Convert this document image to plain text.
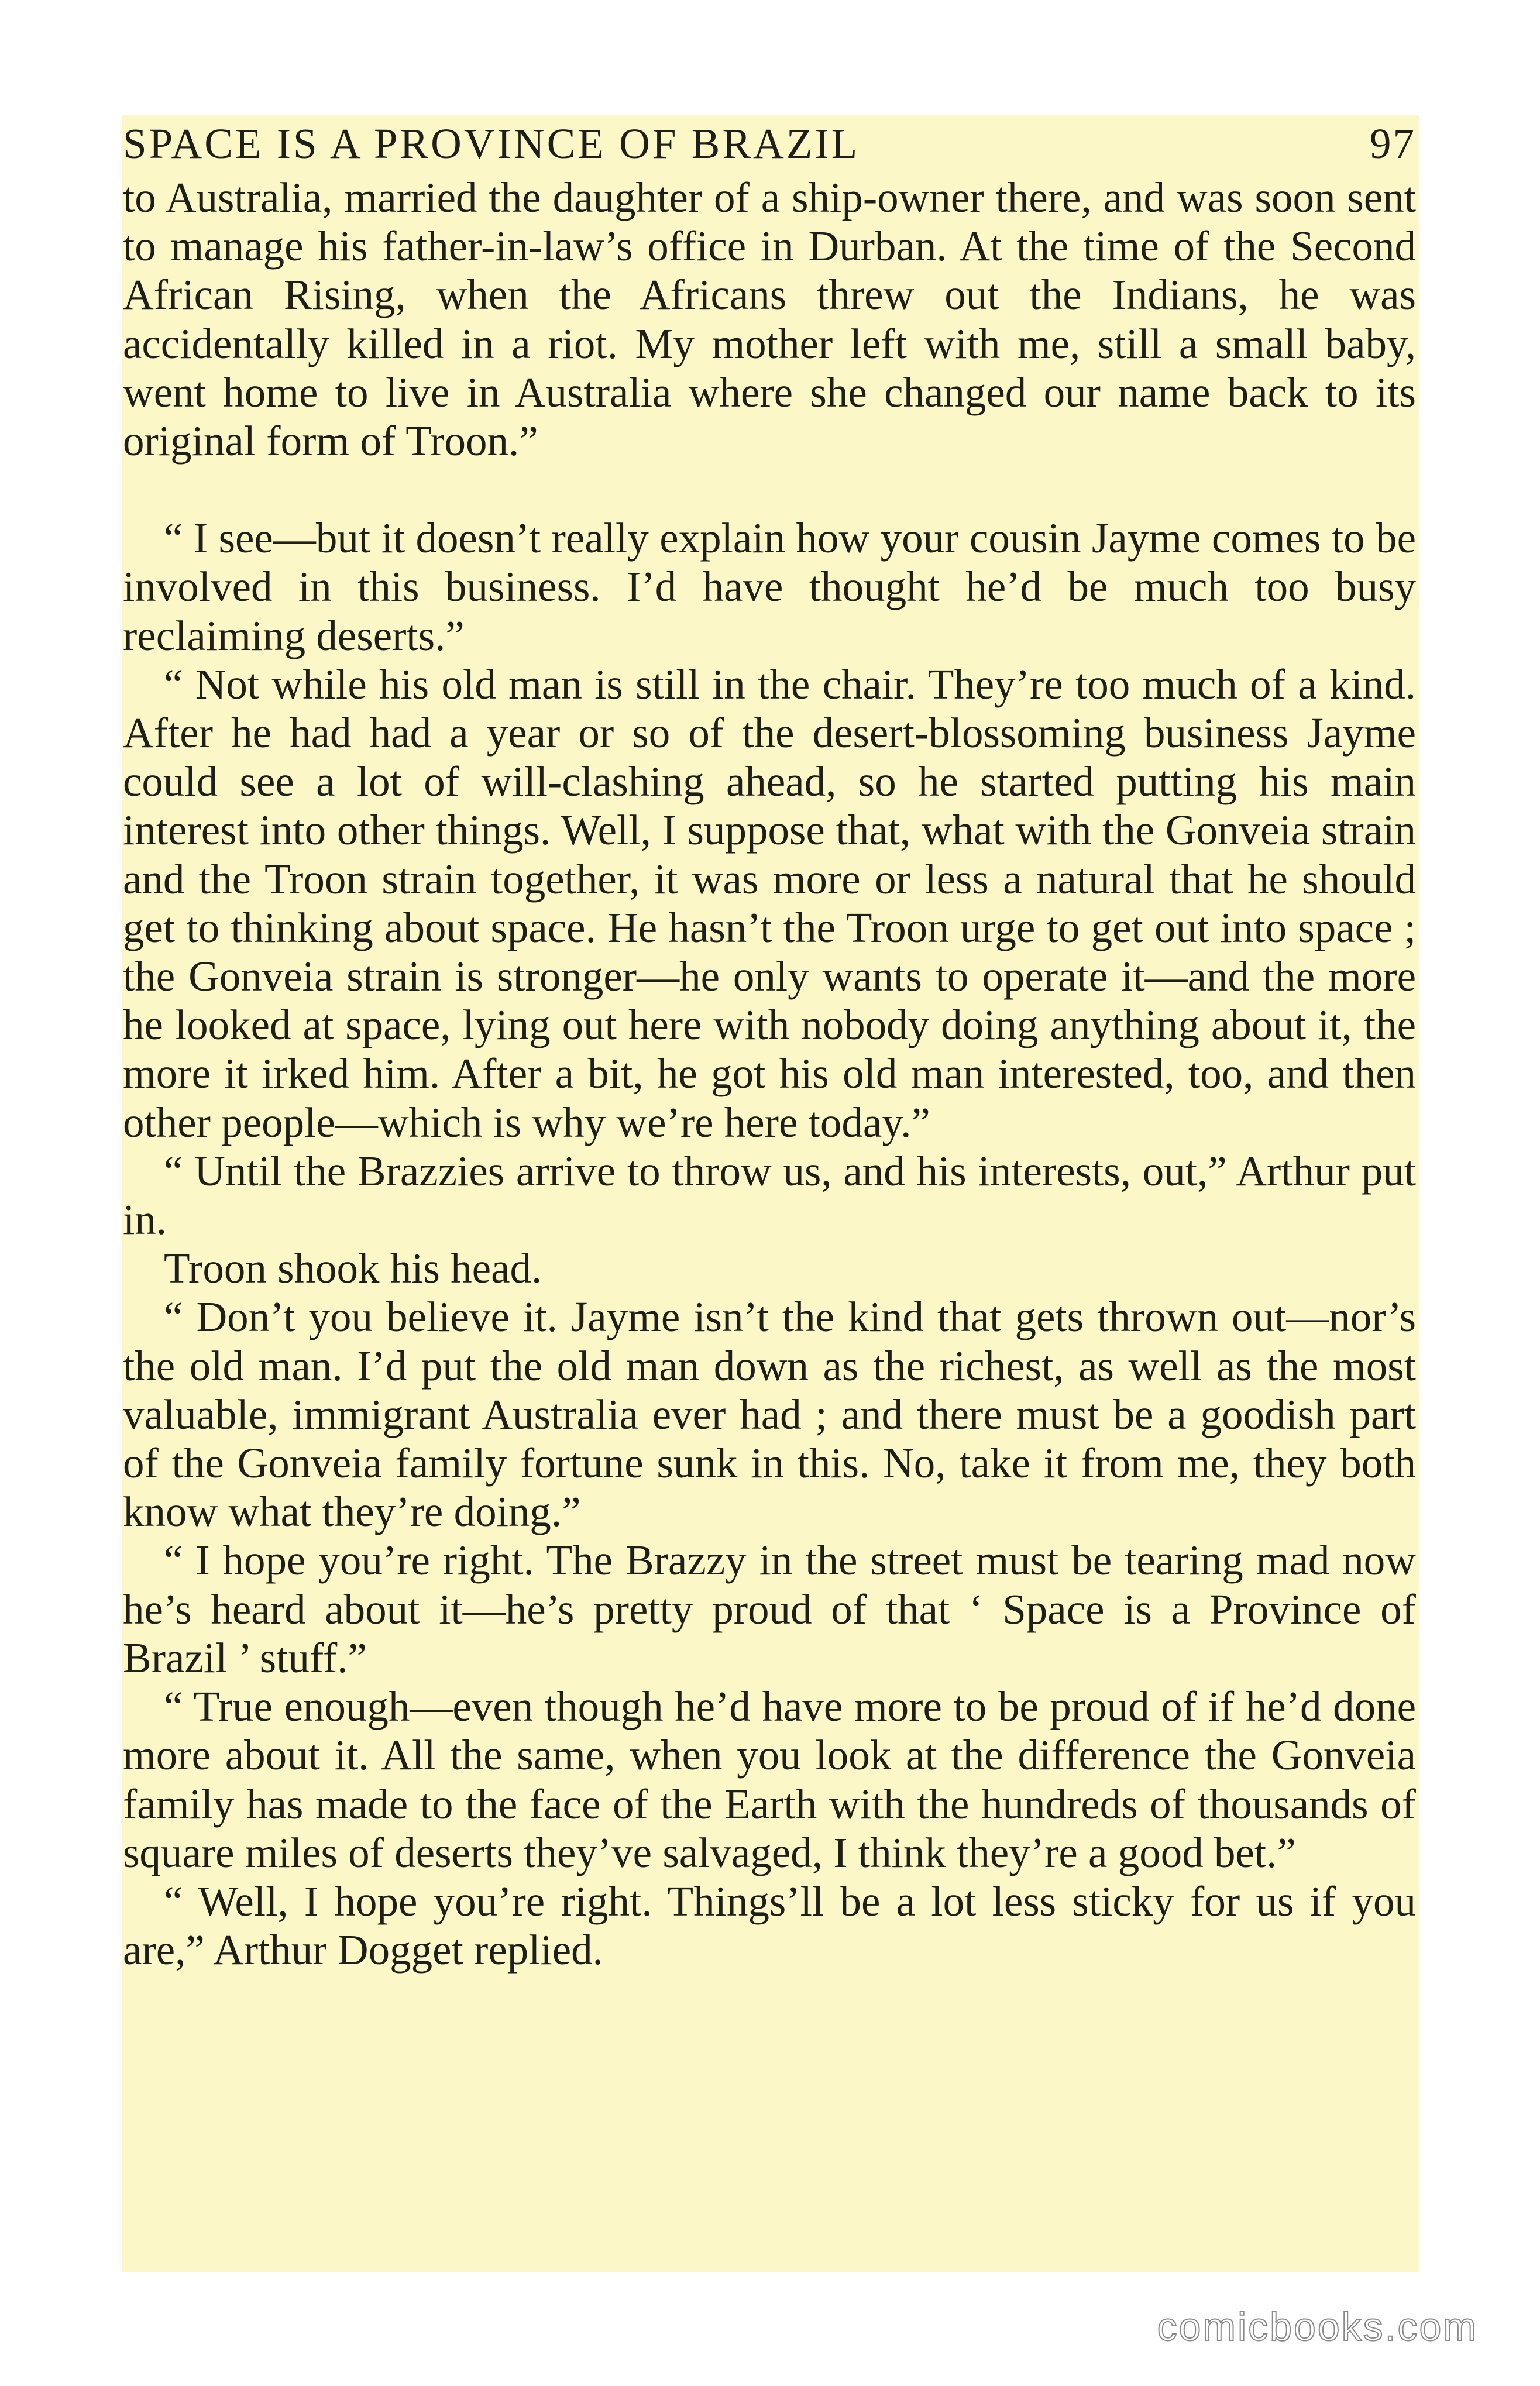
SPACE IS A PROVINCE OF BRAZIL	97

to Australia, married the daughter of a ship-owner there, and was soon sent to manage his father-in-law’s office in Durban. At the time of the Second African Rising, when the Africans threw out the Indians, he was accidentally killed in a riot. My mother left with me, still a small baby, went home to live in Australia where she changed our name back to its original form of Troon.”

“ I see—but it doesn’t really explain how your cousin Jayme comes to be involved in this business. I’d have thought he’d be much too busy reclaiming deserts.”

“ Not while his old man is still in the chair. They’re too much of a kind. After he had had a year or so of the desert-blossoming business Jayme could see a lot of will-clashing ahead, so he started putting his main interest into other things. Well, I suppose that, what with the Gonveia strain and the Troon strain together, it was more or less a natural that he should get to thinking about space. He hasn’t the Troon urge to get out into space ; the Gonveia strain is stronger—he only wants to operate it—and the more he looked at space, lying out here with nobody doing anything about it, the more it irked him. After a bit, he got his old man interested, too, and then other people—which is why we’re here today.”

“ Until the Brazzies arrive to throw us, and his interests, out,” Arthur put in.

Troon shook his head.

“ Don’t you believe it. Jayme isn’t the kind that gets thrown out—nor’s the old man. I’d put the old man down as the richest, as well as the most valuable, immigrant Australia ever had ; and there must be a goodish part of the Gonveia family fortune sunk in this. No, take it from me, they both know what they’re doing.”

“ I hope you’re right. The Brazzy in the street must be tearing mad now he’s heard about it—he’s pretty proud of that ‘ Space is a Province of Brazil ’ stuff.”

“ True enough—even though he’d have more to be proud of if he’d done more about it. All the same, when you look at the difference the Gonveia family has made to the face of the Earth with the hundreds of thousands of square miles of deserts they’ve salvaged, I think they’re a good bet.”

“ Well, I hope you’re right. Things’ll be a lot less sticky for us if you are,” Arthur Dogget replied.

comicbooks.com
